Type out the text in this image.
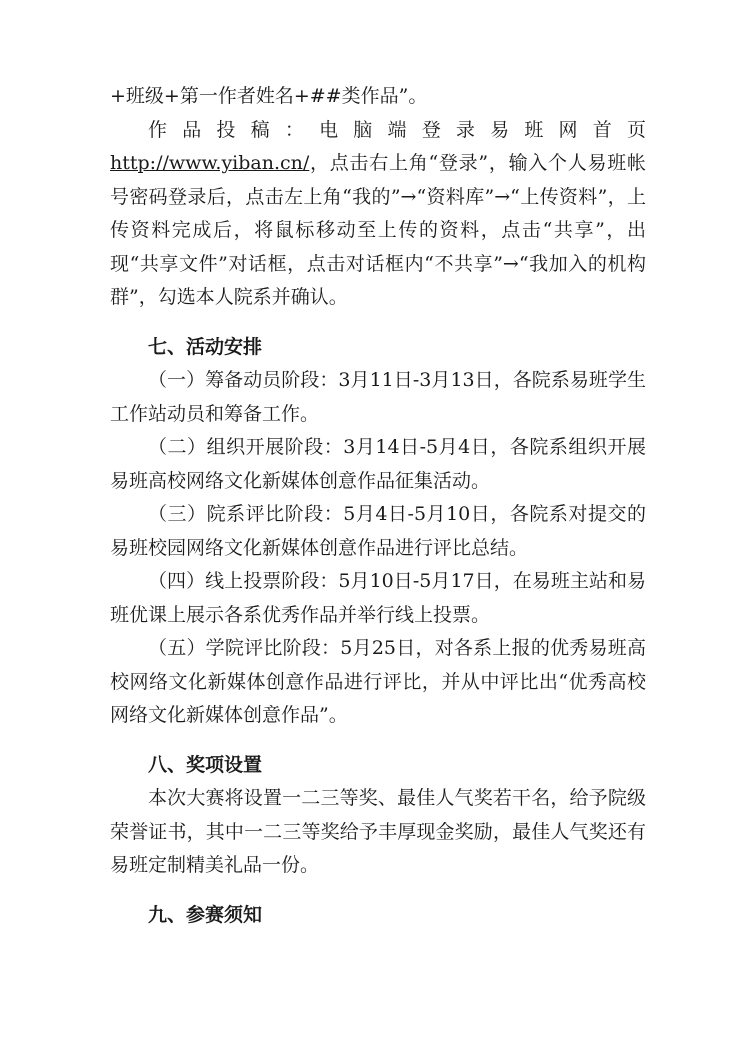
+班级+第一作者姓名+##类作品”。

作品投稿：电脑端登录易班网首页http://www.yiban.cn/，点击右上角“登录”，输入个人易班帐号密码登录后，点击左上角“我的”→“资料库”→“上传资料”，上传资料完成后，将鼠标移动至上传的资料，点击“共享”，出现“共享文件”对话框，点击对话框内“不共享”→“我加入的机构群”，勾选本人院系并确认。

七、活动安排

（一）筹备动员阶段：3月11日-3月13日，各院系易班学生工作站动员和筹备工作。

（二）组织开展阶段：3月14日-5月4日，各院系组织开展易班高校网络文化新媒体创意作品征集活动。

（三）院系评比阶段：5月4日-5月10日，各院系对提交的易班校园网络文化新媒体创意作品进行评比总结。

（四）线上投票阶段：5月10日-5月17日，在易班主站和易班优课上展示各系优秀作品并举行线上投票。

（五）学院评比阶段：5月25日，对各系上报的优秀易班高校网络文化新媒体创意作品进行评比，并从中评比出“优秀高校网络文化新媒体创意作品”。

八、奖项设置

本次大赛将设置一二三等奖、最佳人气奖若干名，给予院级荣誉证书，其中一二三等奖给予丰厚现金奖励，最佳人气奖还有易班定制精美礼品一份。

九、参赛须知
